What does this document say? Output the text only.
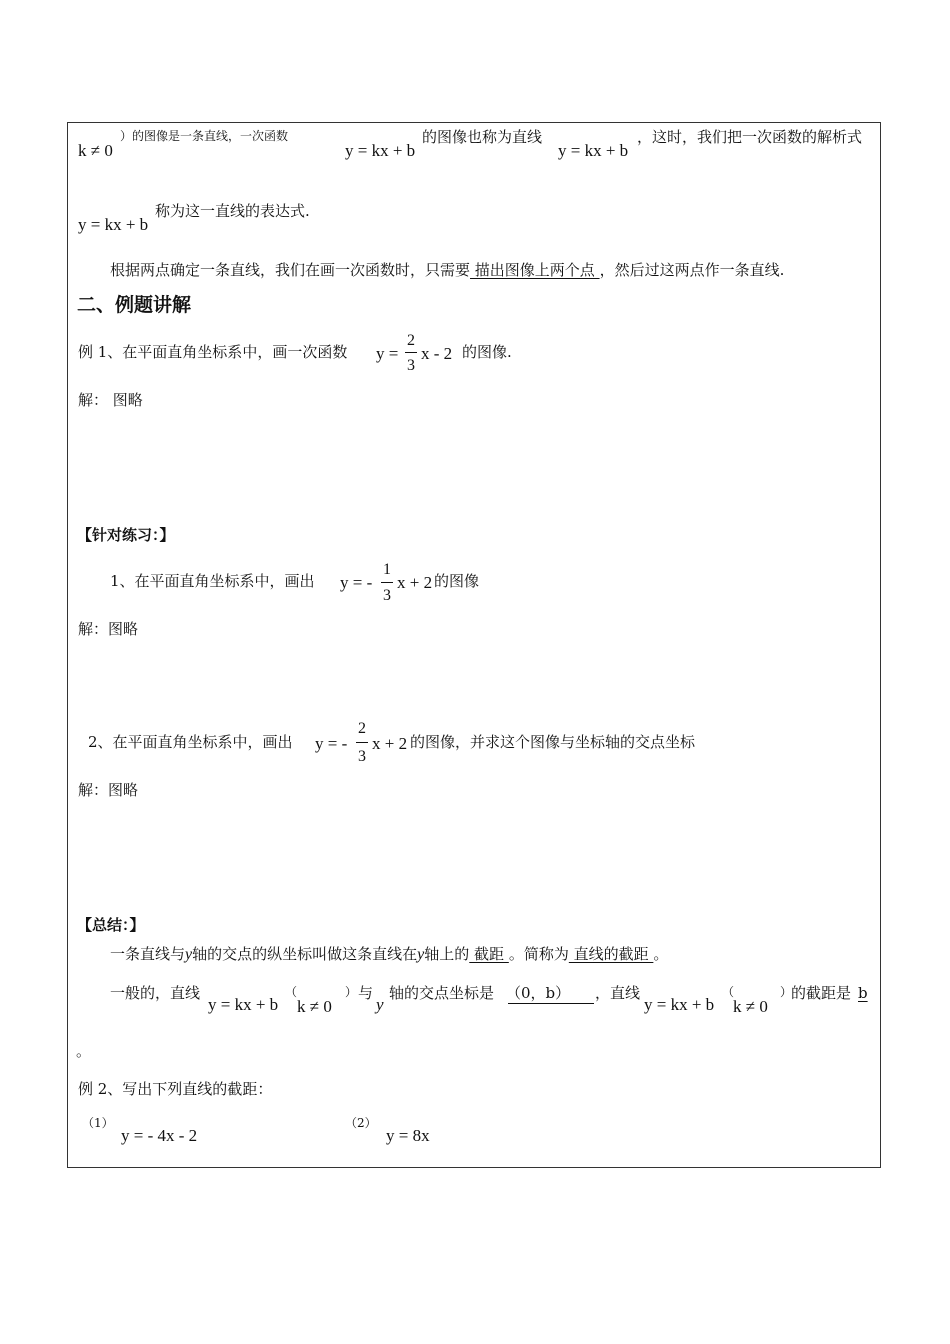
k ≠ 0
）的图像是一条直线，一次函数
y = kx + b
的图像也称为直线
y = kx + b
，这时，我们把一次函数的解析式
y = kx + b
称为这一直线的表达式.
根据两点确定一条直线，我们在画一次函数时，只需要 描出图像上两个点 ，然后过这两点作一条直线.
二、例题讲解
例 1、在平面直角坐标系中，画一次函数 y =
2
3
x - 2 的图像.
解： 图略
【针对练习：】
1、在平面直角坐标系中，画出 y = -
1
3
x + 2 的图像
解：图略
2、在平面直角坐标系中，画出 y = -
2
3
x + 2 的图像，并求这个图像与坐标轴的交点坐标
解：图略
【总结：】
一条直线与y轴的交点的纵坐标叫做这条直线在y轴上的 截距 。简称为 直线的截距 。
一般的，直线
y = kx + b
（
k ≠ 0
） 与
y
轴的交点坐标是 （0，b） ，直线
y = kx + b
（
k ≠ 0
）
的截距是 b
。
例 2、写出下列直线的截距：
（1）
y = - 4x - 2
（2）
y = 8x
